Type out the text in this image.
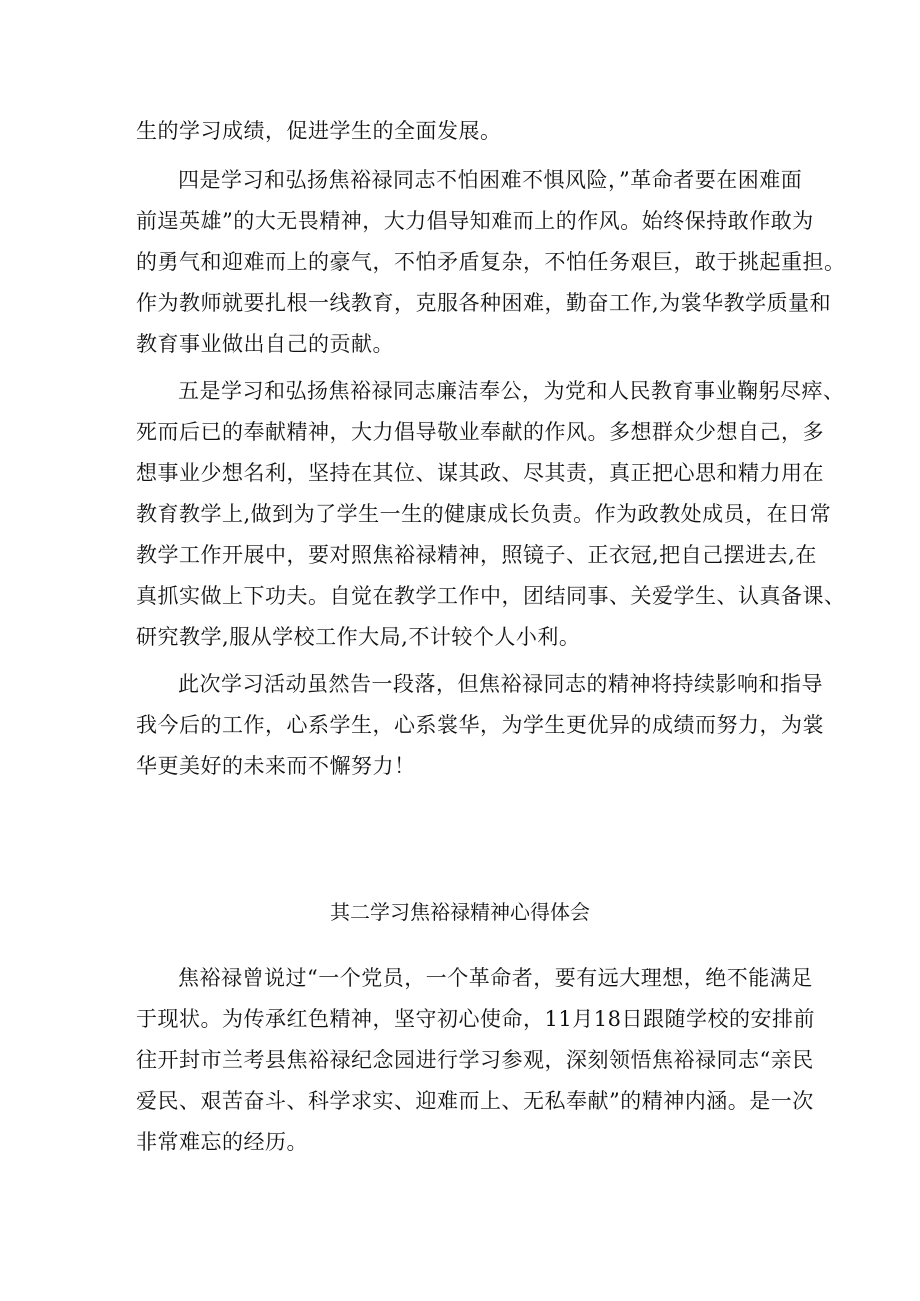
生的学习成绩，促进学生的全面发展。
四是学习和弘扬焦裕禄同志不怕困难不惧风险，”革命者要在困难面
前逞英雄”的大无畏精神，大力倡导知难而上的作风。始终保持敢作敢为
的勇气和迎难而上的豪气，不怕矛盾复杂，不怕任务艰巨，敢于挑起重担。
作为教师就要扎根一线教育，克服各种困难，勤奋工作,为裳华教学质量和
教育事业做出自己的贡献。
五是学习和弘扬焦裕禄同志廉洁奉公，为党和人民教育事业鞠躬尽瘁、
死而后已的奉献精神，大力倡导敬业奉献的作风。多想群众少想自己，多
想事业少想名利，坚持在其位、谋其政、尽其责，真正把心思和精力用在
教育教学上,做到为了学生一生的健康成长负责。作为政教处成员，在日常
教学工作开展中，要对照焦裕禄精神，照镜子、正衣冠,把自己摆进去,在
真抓实做上下功夫。自觉在教学工作中，团结同事、关爱学生、认真备课、
研究教学,服从学校工作大局,不计较个人小利。
此次学习活动虽然告一段落，但焦裕禄同志的精神将持续影响和指导
我今后的工作，心系学生，心系裳华，为学生更优异的成绩而努力，为裳
华更美好的未来而不懈努力！
其二学习焦裕禄精神心得体会
焦裕禄曾说过“一个党员，一个革命者，要有远大理想，绝不能满足
于现状。为传承红色精神，坚守初心使命，11月18日跟随学校的安排前
往开封市兰考县焦裕禄纪念园进行学习参观，深刻领悟焦裕禄同志“亲民
爱民、艰苦奋斗、科学求实、迎难而上、无私奉献”的精神内涵。是一次
非常难忘的经历。
